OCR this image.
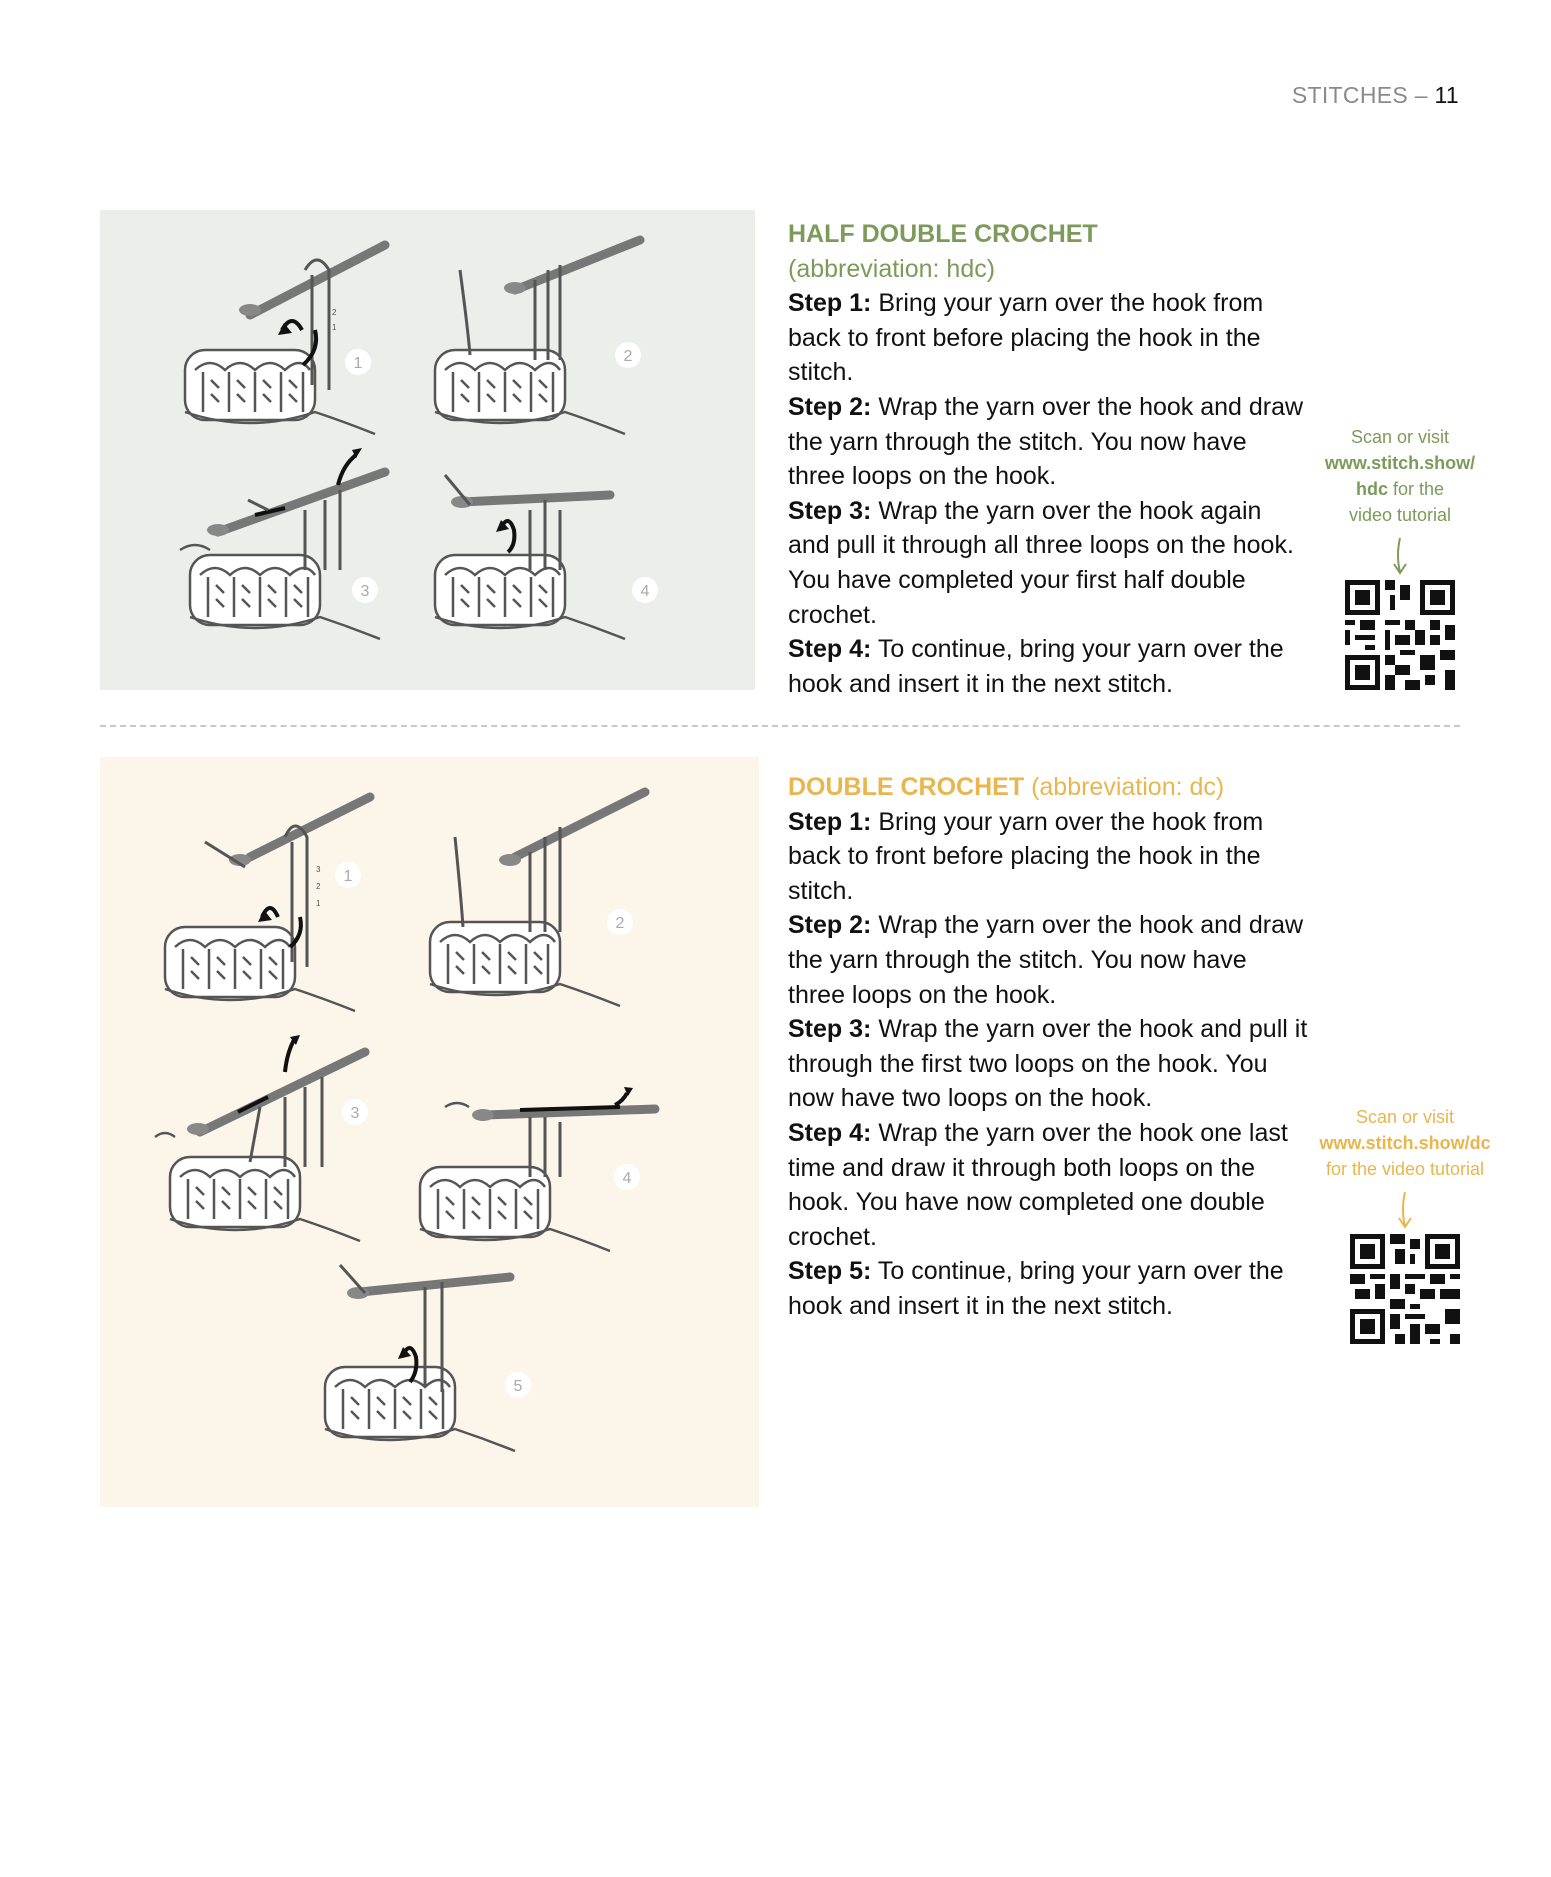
STITCHES – 11
1
2
1
2
3	4
HALF DOUBLE CROCHET
(abbreviation: hdc)

Step 1: Bring your yarn over the hook from back to front before placing the hook in the stitch.

Step 2: Wrap the yarn over the hook and draw the yarn through the stitch. You now have three loops on the hook.

Step 3: Wrap the yarn over the hook again and pull it through all three loops on the hook. You have completed your first half double crochet.

Step 4: To continue, bring your yarn over the hook and insert it in the next stitch.

Scan or visit
www.stitch.show/
hdc for the
video tutorial
1
3
2
1
2
3
4
5
DOUBLE CROCHET (abbreviation: dc)

Step 1: Bring your yarn over the hook from back to front before placing the hook in the stitch.

Step 2: Wrap the yarn over the hook and draw the yarn through the stitch. You now have three loops on the hook.

Step 3: Wrap the yarn over the hook and pull it through the first two loops on the hook. You now have two loops on the hook.

Step 4: Wrap the yarn over the hook one last time and draw it through both loops on the hook. You have now completed one double crochet.

Step 5: To continue, bring your yarn over the hook and insert it in the next stitch.

Scan or visit
www.stitch.show/dc
for the video tutorial
